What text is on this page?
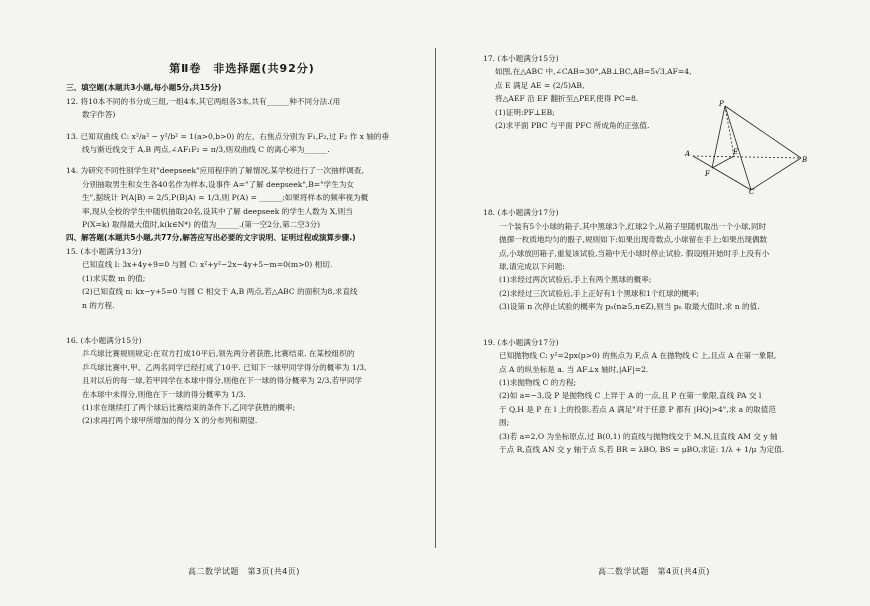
第Ⅱ卷　非选择题(共92分)
三、填空题(本题共3小题,每小题5分,共15分)
12. 将10本不同的书分成三组,一组4本,其它两组各3本,共有______种不同分法.(用
数字作答)
13. 已知双曲线 C: x²/a² − y²/b² = 1(a>0,b>0) 的左、右焦点分别为 F₁,F₂,过 F₂ 作 x 轴的垂
线与渐近线交于 A,B 两点,∠AF₁F₂ = π/3,则双曲线 C 的离心率为______.
14. 为研究不同性别学生对"deepseek"应用程序的了解情况,某学校进行了一次抽样调查,
分别抽取男生和女生各40名作为样本,设事件 A="了解 deepseek",B="学生为女
生",据统计 P(A|B) = 2/5,P(B|A) = 1/3,则 P(A) = ______;如果将样本的频率视为概
率,现从全校的学生中随机抽取20名,设其中了解 deepseek 的学生人数为 X,则当
P(X=k) 取得最大值时,k(k∈N*) 的值为______.(第一空2分,第二空3分)
四、解答题(本题共5小题,共77分,解答应写出必要的文字说明、证明过程或演算步骤.)
15. (本小题满分13分)
已知直线 l: 3x+4y+9=0 与圆 C: x²+y²−2x−4y+5−m=0(m>0) 相切.
(1)求实数 m 的值;
(2)已知直线 n: kx−y+5=0 与圆 C 相交于 A,B 两点,若△ABC 的面积为8,求直线
n 的方程.
16. (本小题满分15分)
乒乓球比赛规则规定:在双方打成10平后,领先两分者获胜,比赛结束. 在某校组织的
乒乓球比赛中,甲、乙两名同学已经打成了10平. 已知下一球甲同学得分的概率为 1/3,
且对以后的每一球,若甲同学在本球中得分,则他在下一球的得分概率为 2/3,若甲同学
在本球中未得分,则他在下一球的得分概率为 1/3.
(1)求在继续打了两个球后比赛结束的条件下,乙同学获胜的概率;
(2)求再打两个球甲所增加的得分 X 的分布列和期望.
17. (本小题满分15分)
如图,在△ABC 中,∠CAB=30°,AB⊥BC,AB=5√3,AF=4,点 E 满足 AE = (2/5)AB,
将△AEF 沿 EF 翻折至△PEF,使得 PC=8.
(1)证明:PF⊥EB;
(2)求平面 PBC 与平面 PFC 所成角的正弦值.
18. (本小题满分17分)
一个装有5个小球的箱子,其中黑球3个,红球2个,从箱子里随机取出一个小球,同时
抛掷一枚质地均匀的骰子,规则如下:如果出现奇数点,小球留在手上;如果出现偶数
点,小球放回箱子,重复该试验,当箱中无小球时停止试验. 假设刚开始时手上没有小
球,请完成以下问题:
(1)求经过两次试验后,手上有两个黑球的概率;
(2)求经过三次试验后,手上正好有1个黑球和1个红球的概率;
(3)设第 n 次停止试验的概率为 pₙ(n≥5,n∈Z),则当 pₙ 取最大值时,求 n 的值.
19. (本小题满分17分)
已知抛物线 C: y²=2px(p>0) 的焦点为 F,点 A 在抛物线 C 上,且点 A 在第一象限,
点 A 的纵坐标是 a. 当 AF⊥x 轴时,|AF|=2.
(1)求抛物线 C 的方程;
(2)如 a=−3,设 P 是抛物线 C 上异于 A 的一点,且 P 在第一象限,直线 PA 交 l
于 Q,H 是 P 在 l 上的投影,若点 A 满足"对于任意 P 都有 |HQ|>4",求 a 的取值范
围;
(3)若 a=2,O 为坐标原点,过 B(0,1) 的直线与抛物线交于 M,N,且直线 AM 交 y 轴
于点 R,直线 AN 交 y 轴于点 S,若 BR = λBO, BS = μBO,求证: 1/λ + 1/μ 为定值.
P
A	E
B
F
C
高二数学试题　第3页(共4页)	高二数学试题　第4页(共4页)
